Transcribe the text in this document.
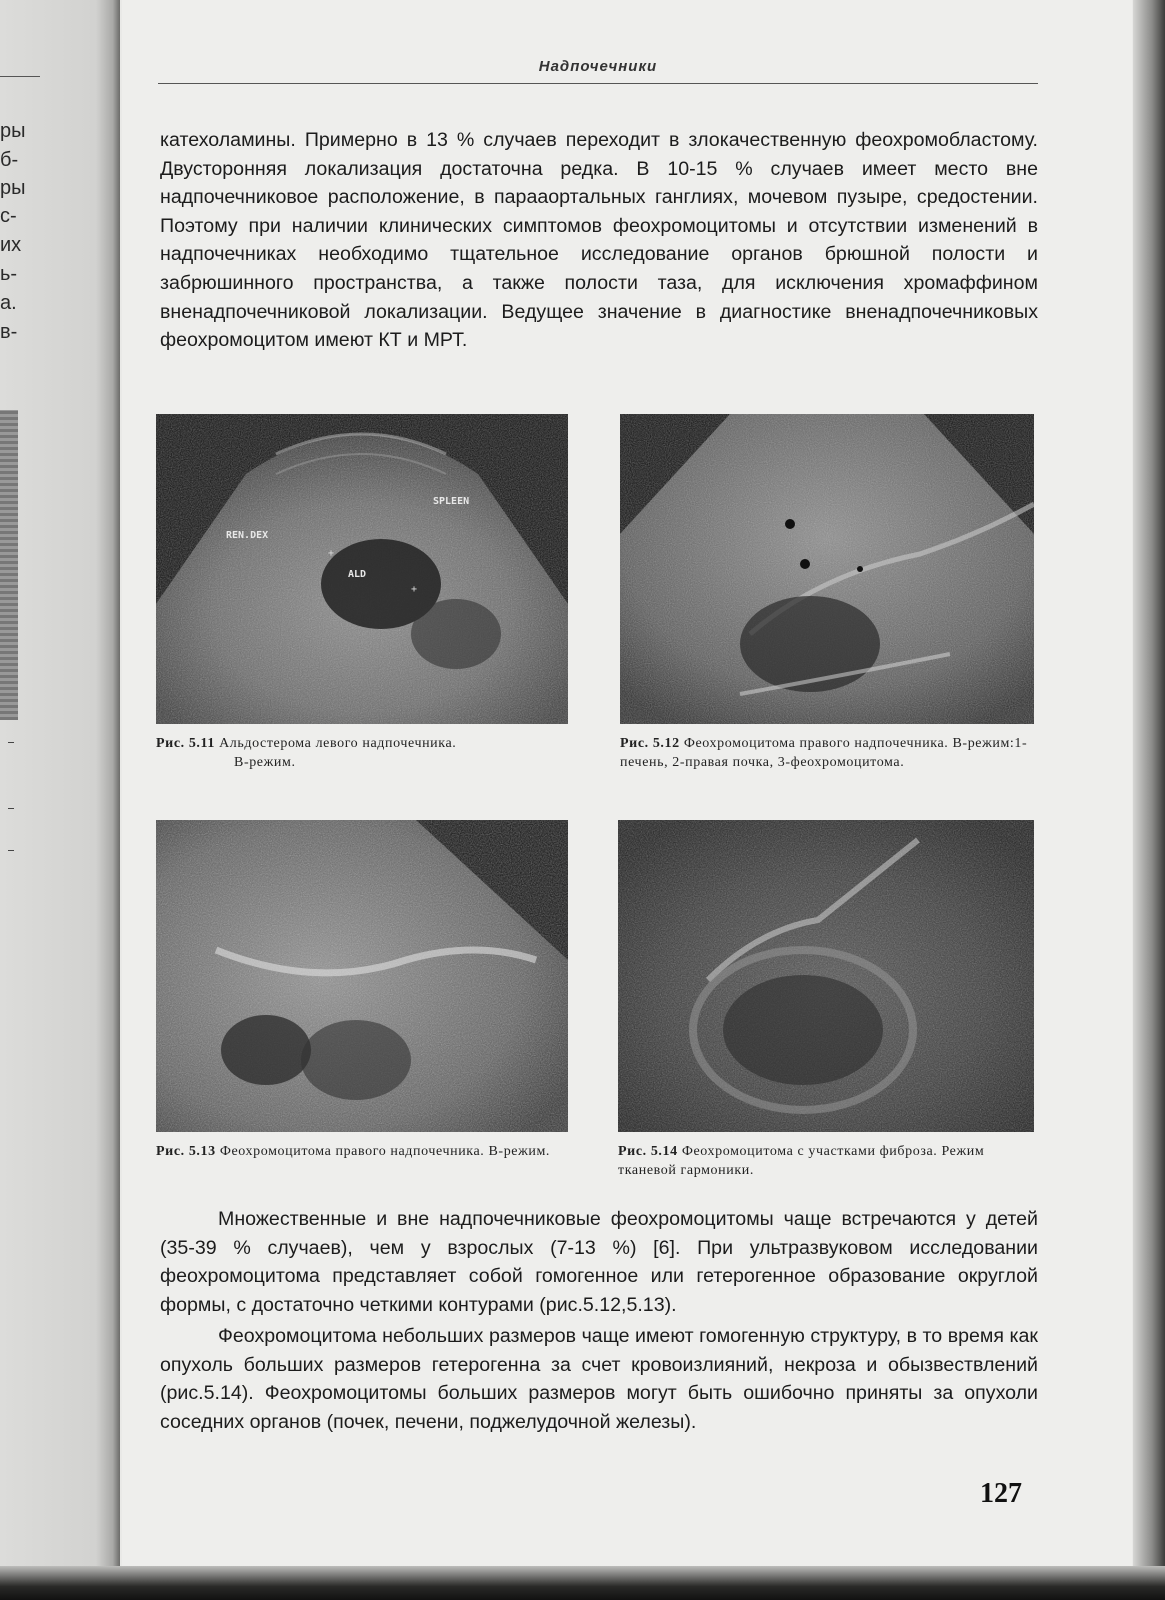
ры
б-
ры
с-
их
ь-
а.
в-
Надпочечники

катехоламины. Примерно в 13 % случаев переходит в злокачественную феохромобластому. Двусторонняя локализация достаточна редка. В 10-15 % случаев имеет место вне надпочечниковое расположение, в парааортальных ганглиях, мочевом пузыре, средостении. Поэтому при наличии клинических симптомов феохромоцитомы и отсутствии изменений в надпочечниках необходимо тщательное исследование органов брюшной полости и забрюшинного пространства, а также полости таза, для исключения хромаффином вненадпочечниковой локализации. Ведущее значение в диагностике вненадпочечниковых феохромоцитом имеют КТ и МРТ.

SPLEEN
REN.DEX
ALD
+
+

Рис. 5.11 Альдостерома левого надпочечника.
В-режим.

Рис. 5.12 Феохромоцитома правого надпочечника. В-режим:1-печень, 2-правая почка, 3-феохромоцитома.

Рис. 5.13 Феохромоцитома правого надпочечника. В-режим.	Рис. 5.14 Феохромоцитома с участками фиброза. Режим тканевой гармоники.

Множественные и вне надпочечниковые феохромоцитомы чаще встречаются у детей (35-39 % случаев), чем у взрослых (7-13 %) [6]. При ультразвуковом исследовании феохромоцитома представляет собой гомогенное или гетерогенное образование округлой формы, с достаточно четкими контурами (рис.5.12,5.13).

Феохромоцитома небольших размеров чаще имеют гомогенную структуру, в то время как опухоль больших размеров гетерогенна за счет кровоизлияний, некроза и обызвествлений (рис.5.14). Феохромоцитомы больших размеров могут быть ошибочно приняты за опухоли соседних органов (почек, печени, поджелудочной железы).

127
